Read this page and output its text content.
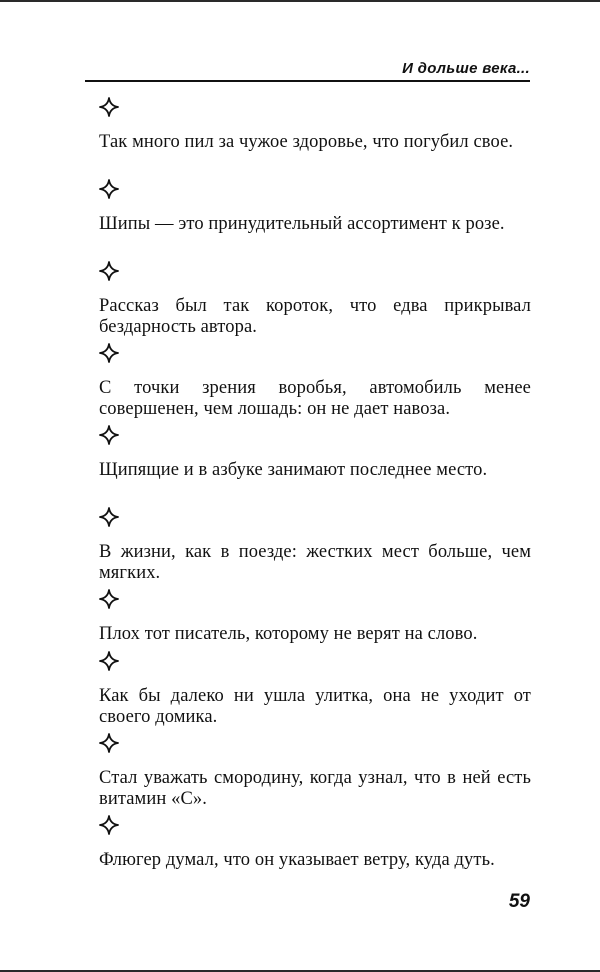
И дольше века...

Так много пил за чужое здоровье, что погубил свое.

Шипы — это принудительный ассортимент к розе.

Рассказ был так короток, что едва прикрывал бездарность автора.

С точки зрения воробья, автомобиль менее совершенен, чем лошадь: он не дает навоза.

Щипящие и в азбуке занимают последнее место.

В жизни, как в поезде: жестких мест больше, чем мягких.

Плох тот писатель, которому не верят на слово.

Как бы далеко ни ушла улитка, она не уходит от своего домика.

Стал уважать смородину, когда узнал, что в ней есть витамин «С».

Флюгер думал, что он указывает ветру, куда дуть.

59
